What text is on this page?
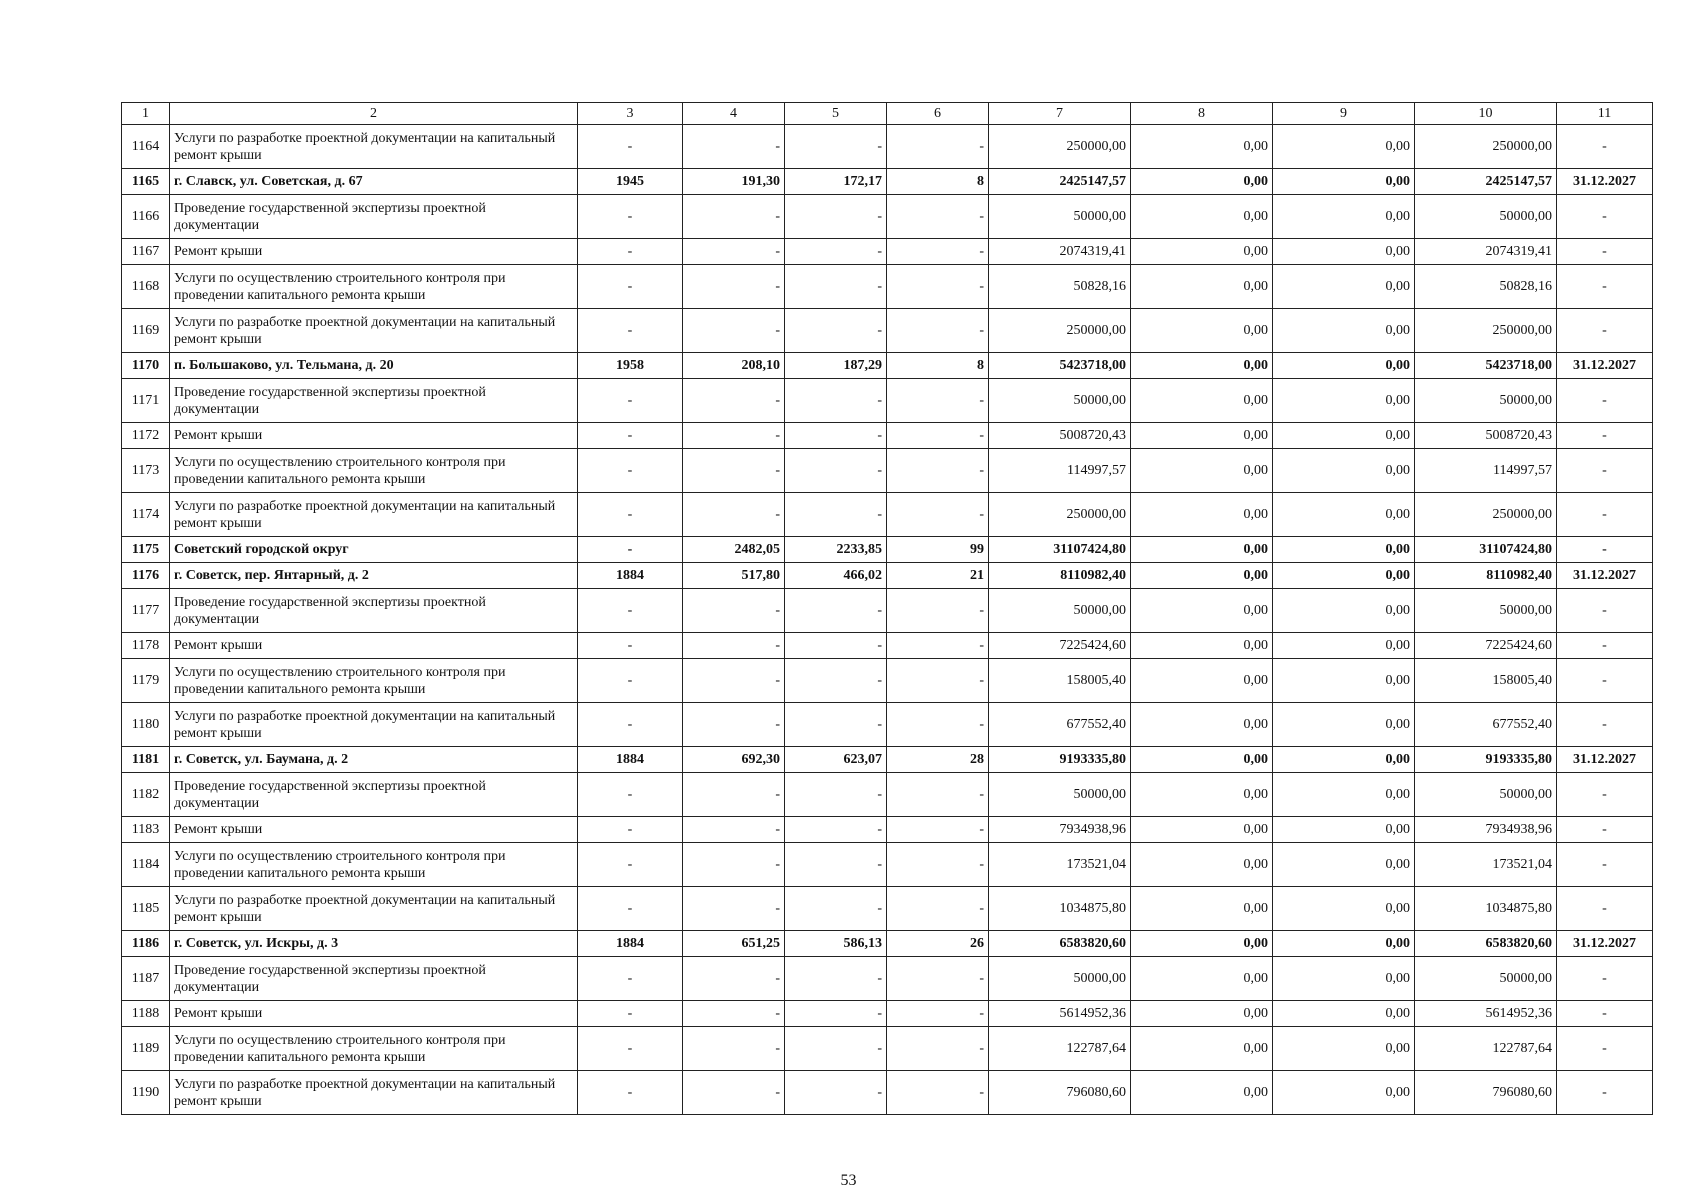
1	2	3	4	5	6	7	8	9	10	11
1164	Услуги по разработке проектной документации на капитальный ремонт крыши	-	-	-	-	250000,00	0,00	0,00	250000,00	-
1165	г. Славск, ул. Советская, д. 67	1945	191,30	172,17	8	2425147,57	0,00	0,00	2425147,57	31.12.2027
1166	Проведение государственной экспертизы проектной документации	-	-	-	-	50000,00	0,00	0,00	50000,00	-
1167	Ремонт крыши	-	-	-	-	2074319,41	0,00	0,00	2074319,41	-
1168	Услуги по осуществлению строительного контроля при проведении капитального ремонта крыши	-	-	-	-	50828,16	0,00	0,00	50828,16	-
1169	Услуги по разработке проектной документации на капитальный ремонт крыши	-	-	-	-	250000,00	0,00	0,00	250000,00	-
1170	п. Большаково, ул. Тельмана, д. 20	1958	208,10	187,29	8	5423718,00	0,00	0,00	5423718,00	31.12.2027
1171	Проведение государственной экспертизы проектной документации	-	-	-	-	50000,00	0,00	0,00	50000,00	-
1172	Ремонт крыши	-	-	-	-	5008720,43	0,00	0,00	5008720,43	-
1173	Услуги по осуществлению строительного контроля при проведении капитального ремонта крыши	-	-	-	-	114997,57	0,00	0,00	114997,57	-
1174	Услуги по разработке проектной документации на капитальный ремонт крыши	-	-	-	-	250000,00	0,00	0,00	250000,00	-
1175	Советский городской округ	-	2482,05	2233,85	99	31107424,80	0,00	0,00	31107424,80	-
1176	г. Советск, пер. Янтарный, д. 2	1884	517,80	466,02	21	8110982,40	0,00	0,00	8110982,40	31.12.2027
1177	Проведение государственной экспертизы проектной документации	-	-	-	-	50000,00	0,00	0,00	50000,00	-
1178	Ремонт крыши	-	-	-	-	7225424,60	0,00	0,00	7225424,60	-
1179	Услуги по осуществлению строительного контроля при проведении капитального ремонта крыши	-	-	-	-	158005,40	0,00	0,00	158005,40	-
1180	Услуги по разработке проектной документации на капитальный ремонт крыши	-	-	-	-	677552,40	0,00	0,00	677552,40	-
1181	г. Советск, ул. Баумана, д. 2	1884	692,30	623,07	28	9193335,80	0,00	0,00	9193335,80	31.12.2027
1182	Проведение государственной экспертизы проектной документации	-	-	-	-	50000,00	0,00	0,00	50000,00	-
1183	Ремонт крыши	-	-	-	-	7934938,96	0,00	0,00	7934938,96	-
1184	Услуги по осуществлению строительного контроля при проведении капитального ремонта крыши	-	-	-	-	173521,04	0,00	0,00	173521,04	-
1185	Услуги по разработке проектной документации на капитальный ремонт крыши	-	-	-	-	1034875,80	0,00	0,00	1034875,80	-
1186	г. Советск, ул. Искры, д. 3	1884	651,25	586,13	26	6583820,60	0,00	0,00	6583820,60	31.12.2027
1187	Проведение государственной экспертизы проектной документации	-	-	-	-	50000,00	0,00	0,00	50000,00	-
1188	Ремонт крыши	-	-	-	-	5614952,36	0,00	0,00	5614952,36	-
1189	Услуги по осуществлению строительного контроля при проведении капитального ремонта крыши	-	-	-	-	122787,64	0,00	0,00	122787,64	-
1190	Услуги по разработке проектной документации на капитальный ремонт крыши	-	-	-	-	796080,60	0,00	0,00	796080,60	-
53
